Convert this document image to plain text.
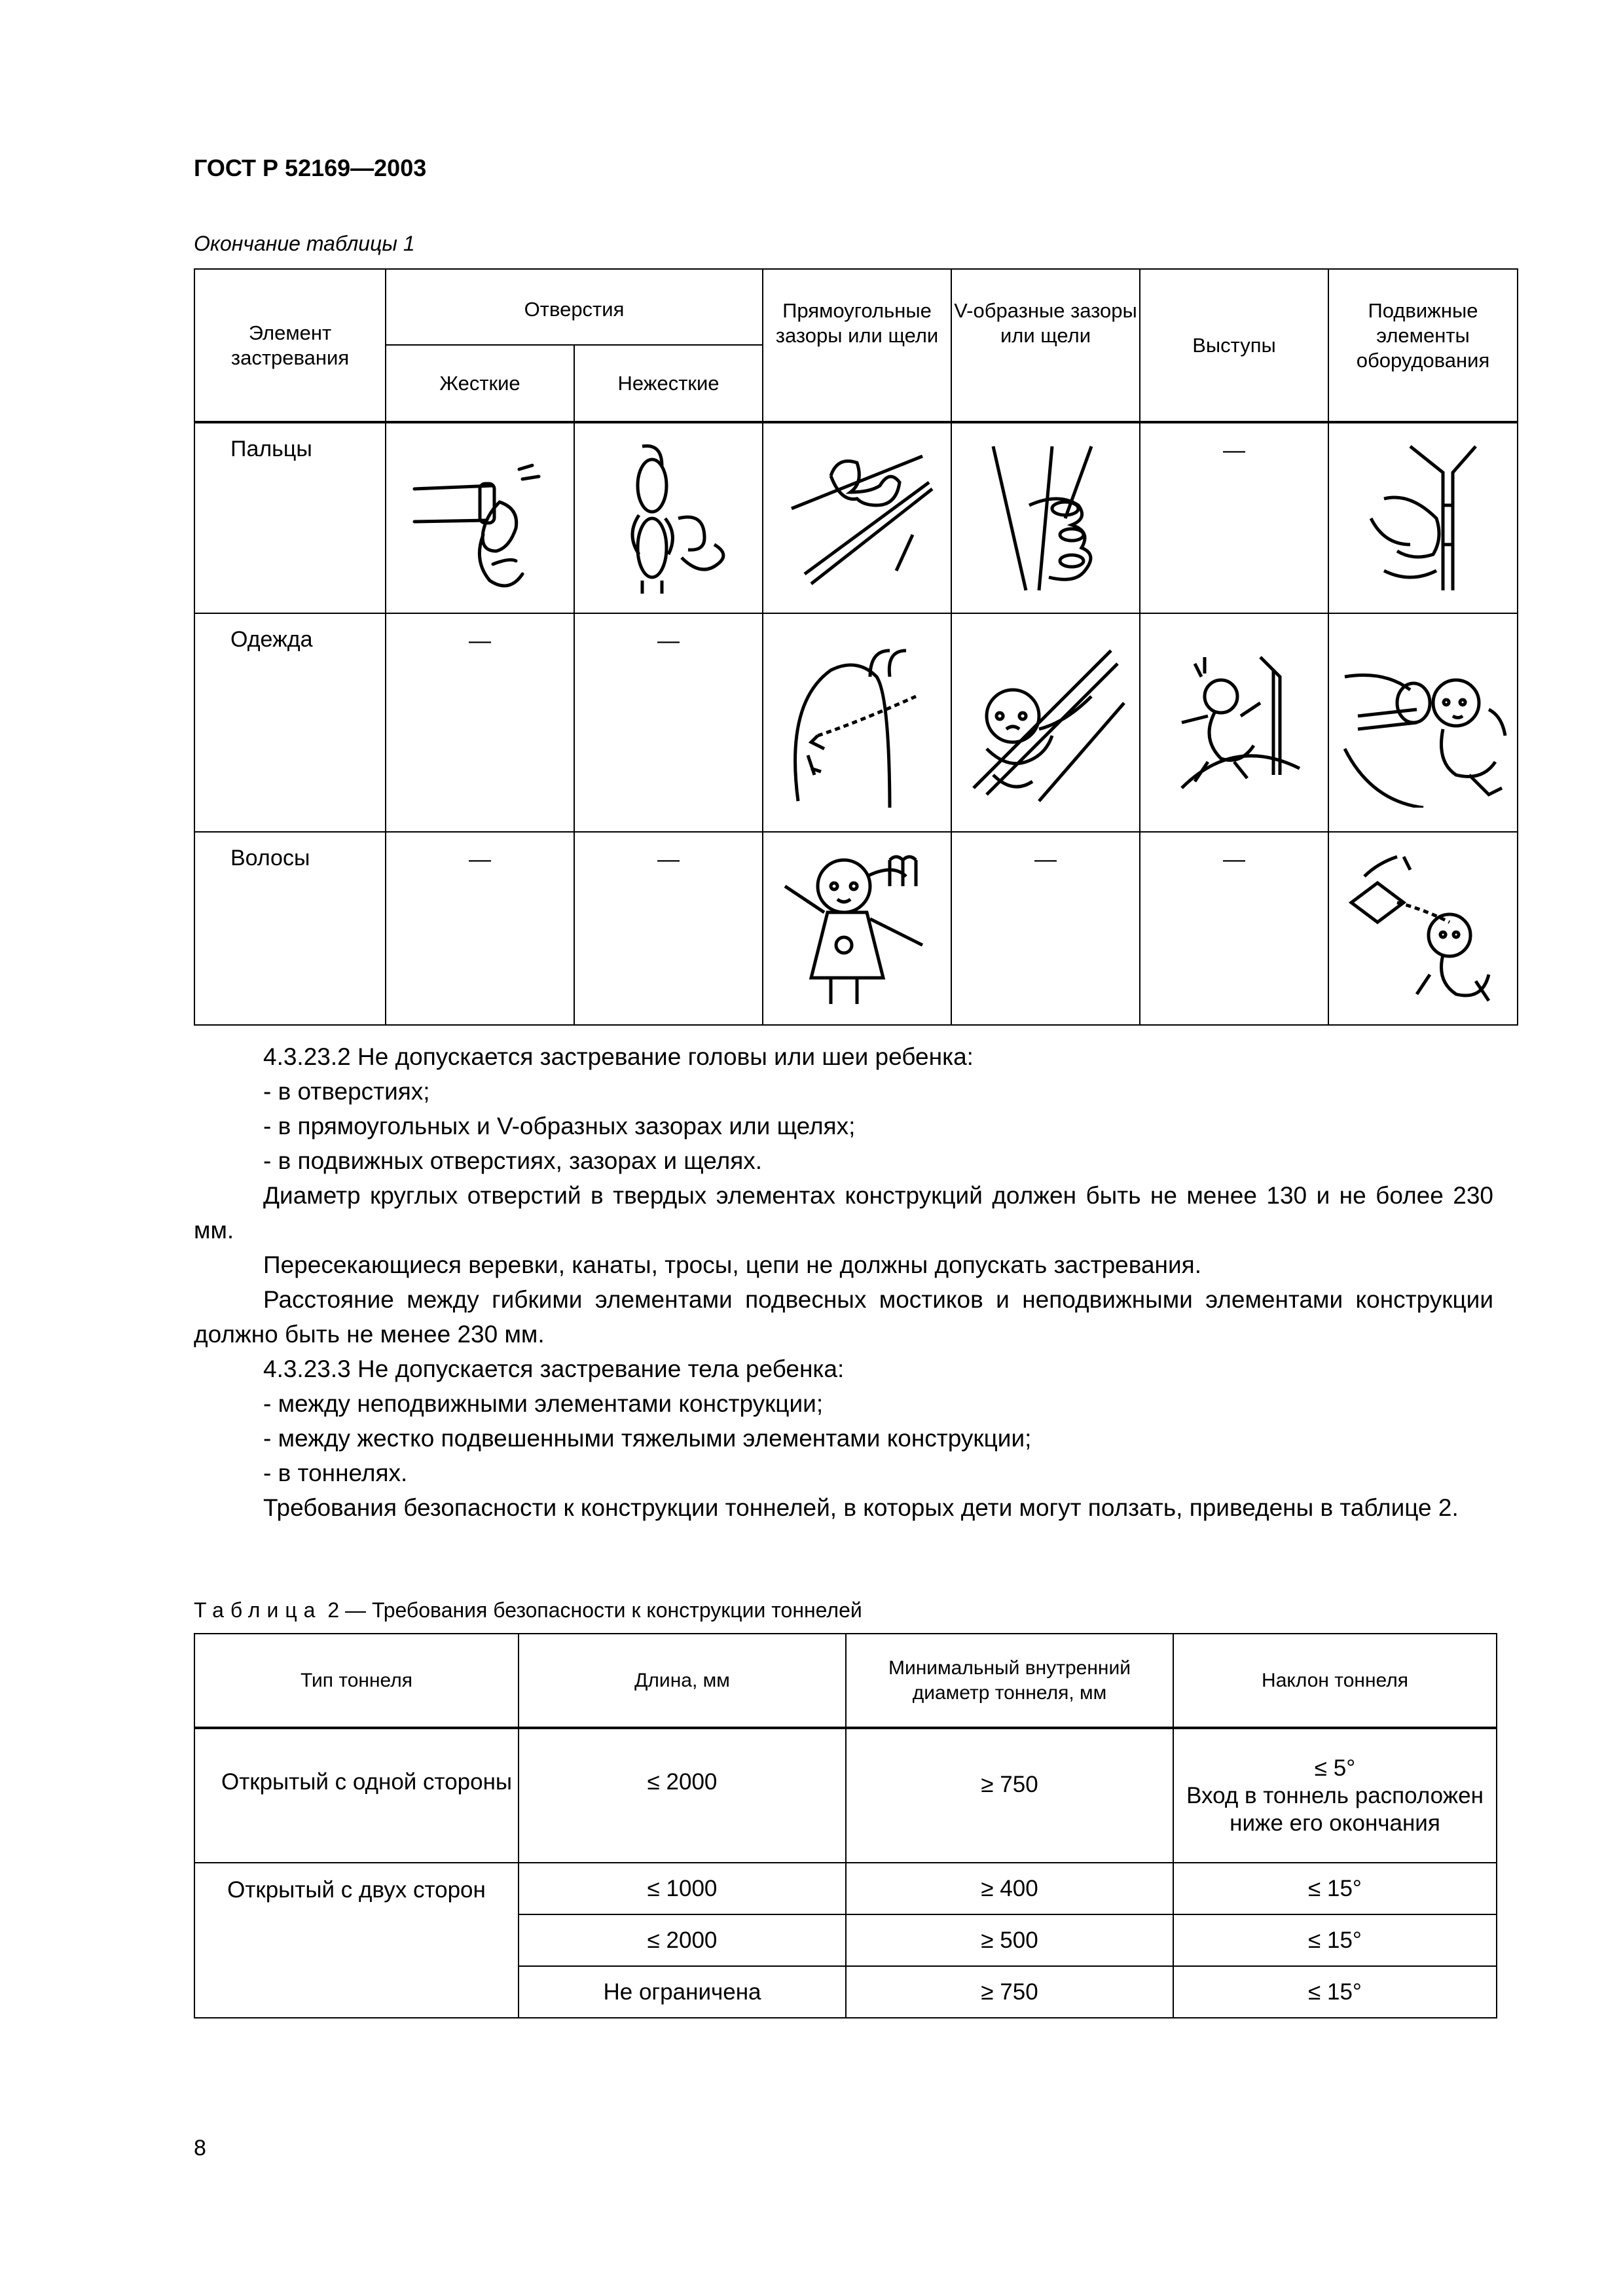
ГОСТ Р 52169—2003
Окончание таблицы 1
Элемент застревания	Отверстия		Прямоугольные зазоры или щели	V-образные зазоры или щели	Выступы	Подвижные элементы оборудования
	Жесткие	Нежесткие				
Пальцы					—	

Одежда	—	—	

Волосы	—	—		—	—	

4.3.23.2 Не допускается застревание головы или шеи ребенка:

- в отверстиях;

- в прямоугольных и V-образных зазорах или щелях;

- в подвижных отверстиях, зазорах и щелях.

Диаметр круглых отверстий в твердых элементах конструкций должен быть не менее 130 и не более 230 мм.

Пересекающиеся веревки, канаты, тросы, цепи не должны допускать застревания.

Расстояние между гибкими элементами подвесных мостиков и неподвижными элементами конструкции должно быть не менее 230 мм.

4.3.23.3 Не допускается застревание тела ребенка:

- между неподвижными элементами конструкции;

- между жестко подвешенными тяжелыми элементами конструкции;

- в тоннелях.

Требования безопасности к конструкции тоннелей, в которых дети могут ползать, приведены в таблице 2.

Таблица 2 — Требования безопасности к конструкции тоннелей
Тип тоннеля	Длина, мм	Минимальный внутренний диаметр тоннеля, мм	Наклон тоннеля
Открытый с одной стороны	≤ 2000	≥ 750	≤ 5°
Вход в тоннель расположен ниже его окончания

Открытый с двух сторон	≤ 1000	≥ 400	≤ 15°
	≤ 2000	≥ 500	≤ 15°
	Не ограничена	≥ 750	≤ 15°
8
